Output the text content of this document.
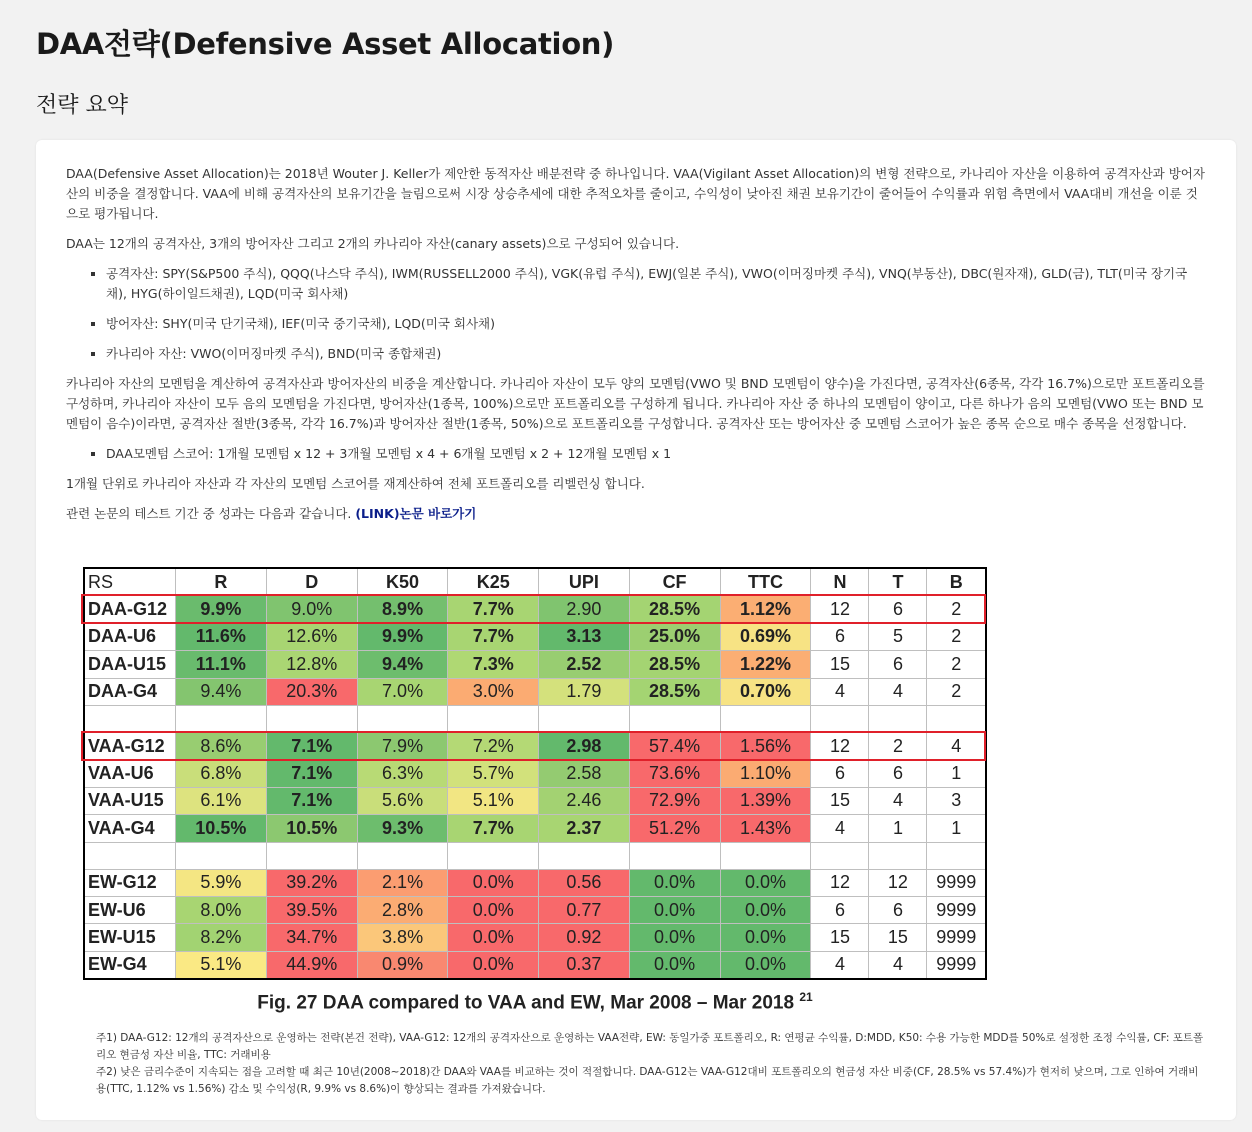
DAA전략(Defensive Asset Allocation)
전략 요약

DAA(Defensive Asset Allocation)는 2018년 Wouter J. Keller가 제안한 동적자산 배분전략 중 하나입니다. VAA(Vigilant Asset Allocation)의 변형 전략으로, 카나리아 자산을 이용하여 공격자산과 방어자산의 비중을 결정합니다. VAA에 비해 공격자산의 보유기간을 늘림으로써 시장 상승추세에 대한 추적오차를 줄이고, 수익성이 낮아진 채권 보유기간이 줄어들어 수익률과 위험 측면에서 VAA대비 개선을 이룬 것으로 평가됩니다.

DAA는 12개의 공격자산, 3개의 방어자산 그리고 2개의 카나리아 자산(canary assets)으로 구성되어 있습니다.

▪ 공격자산: SPY(S&P500 주식), QQQ(나스닥 주식), IWM(RUSSELL2000 주식), VGK(유럽 주식), EWJ(일본 주식), VWO(이머징마켓 주식), VNQ(부동산), DBC(원자재), GLD(금), TLT(미국 장기국채), HYG(하이일드채권), LQD(미국 회사채)
▪ 방어자산: SHY(미국 단기국채), IEF(미국 중기국채), LQD(미국 회사채)
▪ 카나리아 자산: VWO(이머징마켓 주식), BND(미국 종합채권)

카나리아 자산의 모멘텀을 계산하여 공격자산과 방어자산의 비중을 계산합니다. 카나리아 자산이 모두 양의 모멘텀(VWO 및 BND 모멘텀이 양수)을 가진다면, 공격자산(6종목, 각각 16.7%)으로만 포트폴리오를 구성하며, 카나리아 자산이 모두 음의 모멘텀을 가진다면, 방어자산(1종목, 100%)으로만 포트폴리오를 구성하게 됩니다. 카나리아 자산 중 하나의 모멘텀이 양이고, 다른 하나가 음의 모멘텀(VWO 또는 BND 모멘텀이 음수)이라면, 공격자산 절반(3종목, 각각 16.7%)과 방어자산 절반(1종목, 50%)으로 포트폴리오를 구성합니다. 공격자산 또는 방어자산 중 모멘텀 스코어가 높은 종목 순으로 매수 종목을 선정합니다.

▪ DAA모멘텀 스코어: 1개월 모멘텀 x 12 + 3개월 모멘텀 x 4 + 6개월 모멘텀 x 2 + 12개월 모멘텀 x 1

1개월 단위로 카나리아 자산과 각 자산의 모멘텀 스코어를 재계산하여 전체 포트폴리오를 리벨런싱 합니다.

관련 논문의 테스트 기간 중 성과는 다음과 같습니다. (LINK)논문 바로가기

RS	R	D	K50	K25	UPI	CF	TTC	N	T	B
DAA-G12	9.9%	9.0%	8.9%	7.7%	2.90	28.5%	1.12%	12	6	2
DAA-U6	11.6%	12.6%	9.9%	7.7%	3.13	25.0%	0.69%	6	5	2
DAA-U15	11.1%	12.8%	9.4%	7.3%	2.52	28.5%	1.22%	15	6	2
DAA-G4	9.4%	20.3%	7.0%	3.0%	1.79	28.5%	0.70%	4	4	2

VAA-G12	8.6%	7.1%	7.9%	7.2%	2.98	57.4%	1.56%	12	2	4
VAA-U6	6.8%	7.1%	6.3%	5.7%	2.58	73.6%	1.10%	6	6	1
VAA-U15	6.1%	7.1%	5.6%	5.1%	2.46	72.9%	1.39%	15	4	3
VAA-G4	10.5%	10.5%	9.3%	7.7%	2.37	51.2%	1.43%	4	1	1

EW-G12	5.9%	39.2%	2.1%	0.0%	0.56	0.0%	0.0%	12	12	9999
EW-U6	8.0%	39.5%	2.8%	0.0%	0.77	0.0%	0.0%	6	6	9999
EW-U15	8.2%	34.7%	3.8%	0.0%	0.92	0.0%	0.0%	15	15	9999
EW-G4	5.1%	44.9%	0.9%	0.0%	0.37	0.0%	0.0%	4	4	9999
Fig. 27 DAA compared to VAA and EW, Mar 2008 – Mar 2018 $^{21}$

주1) DAA-G12: 12개의 공격자산으로 운영하는 전략(본건 전략), VAA-G12: 12개의 공격자산으로 운영하는 VAA전략, EW: 동일가중 포트폴리오, R: 연평균 수익률, D:MDD, K50: 수용 가능한 MDD를 50%로 설정한 조정 수익률, CF: 포트폴리오 현금성 자산 비율, TTC: 거래비용

주2) 낮은 금리수준이 지속되는 점을 고려할 때 최근 10년(2008~2018)간 DAA와 VAA를 비교하는 것이 적절합니다. DAA-G12는 VAA-G12대비 포트폴리오의 현금성 자산 비중(CF, 28.5% vs 57.4%)가 현저히 낮으며, 그로 인하여 거래비용(TTC, 1.12% vs 1.56%) 감소 및 수익성(R, 9.9% vs 8.6%)이 향상되는 결과를 가져왔습니다.
